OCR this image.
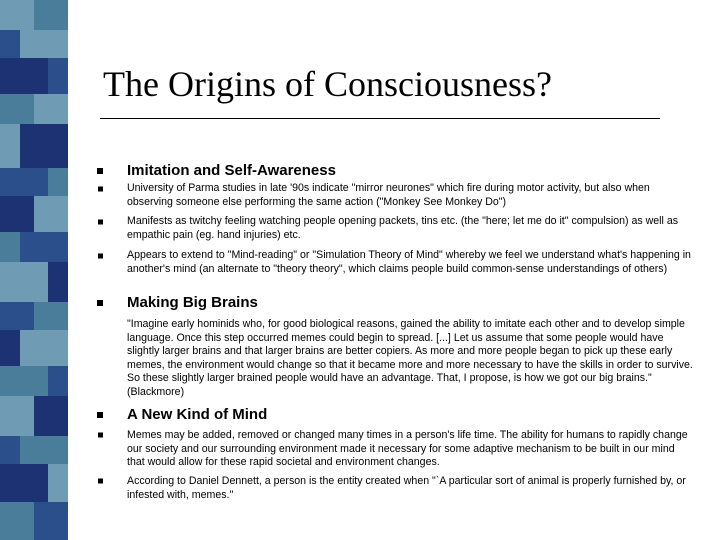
The Origins of Consciousness?

Imitation and Self-Awareness

University of Parma studies in late '90s indicate "mirror neurones" which fire during motor activity, but also when observing someone else performing the same action ("Monkey See Monkey Do")

Manifests as twitchy feeling watching people opening packets, tins etc. (the "here; let me do it" compulsion) as well as empathic pain (eg. hand injuries) etc.

Appears to extend to "Mind-reading" or "Simulation Theory of Mind" whereby we feel we understand what's happening in another's mind (an alternate to "theory theory", which claims people build common-sense understandings of others)

Making Big Brains

"Imagine early hominids who, for good biological reasons, gained the ability to imitate each other and to develop simple language. Once this step occurred memes could begin to spread. [...] Let us assume that some people would have slightly larger brains and that larger brains are better copiers. As more and more people began to pick up these early memes, the environment would change so that it became more and more necessary to have the skills in order to survive. So these slightly larger brained people would have an advantage. That, I propose, is how we got our big brains." (Blackmore)

A New Kind of Mind

Memes may be added, removed or changed many times in a person's life time. The ability for humans to rapidly change our society and our surrounding environment made it necessary for some adaptive mechanism to be built in our mind that would allow for these rapid societal and environment changes.

According to Daniel Dennett, a person is the entity created when "`A particular sort of animal is properly furnished by, or infested with, memes.''
